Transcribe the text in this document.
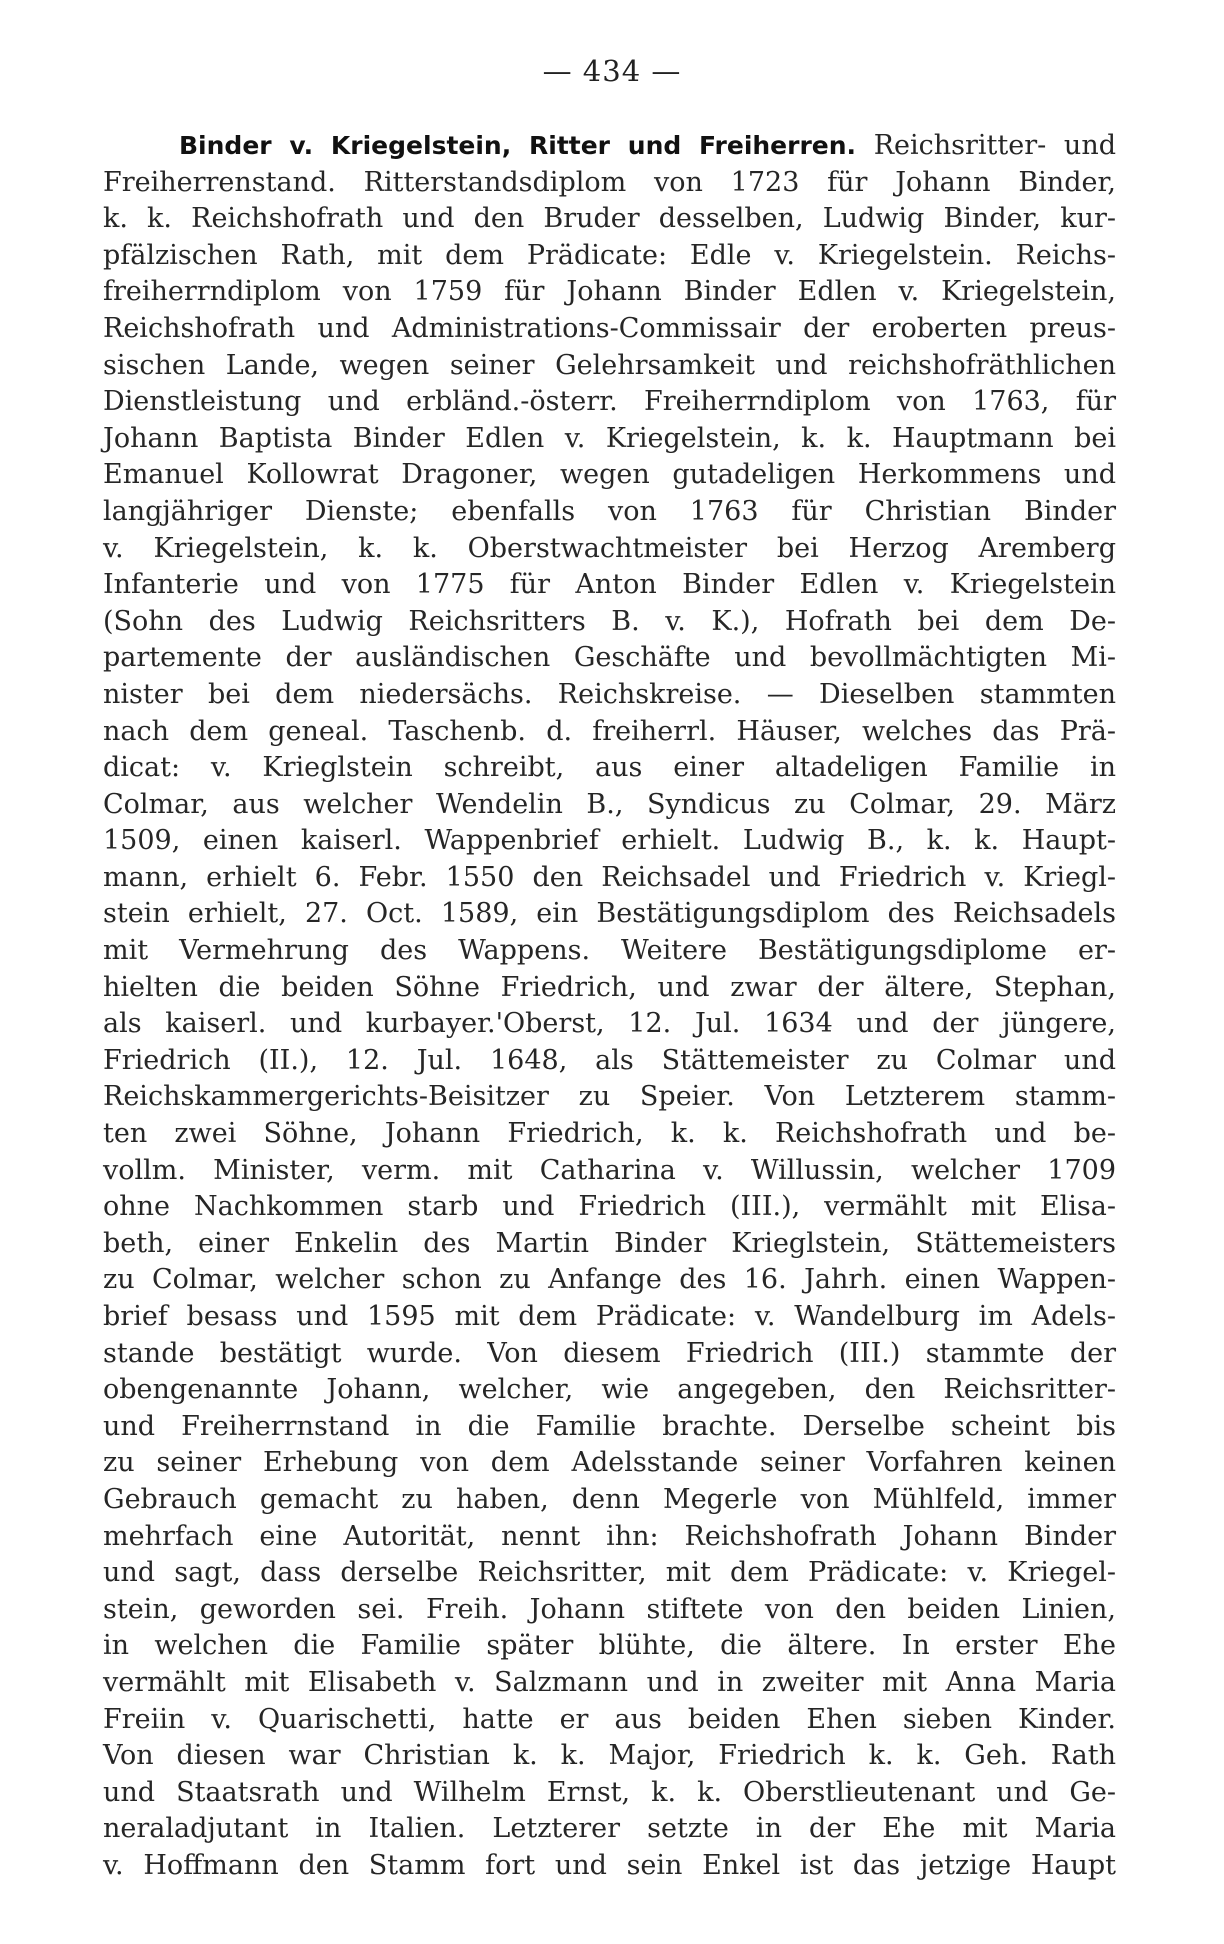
— 434 —
Binder v. Kriegelstein, Ritter und Freiherren. Reichsritter- und
Freiherrenstand. Ritterstandsdiplom von 1723 für Johann Binder,
k. k. Reichshofrath und den Bruder desselben, Ludwig Binder, kur-
pfälzischen Rath, mit dem Prädicate: Edle v. Kriegelstein. Reichs-
freiherrndiplom von 1759 für Johann Binder Edlen v. Kriegelstein,
Reichshofrath und Administrations-Commissair der eroberten preus-
sischen Lande, wegen seiner Gelehrsamkeit und reichshofräthlichen
Dienstleistung und erbländ.-österr. Freiherrndiplom von 1763, für
Johann Baptista Binder Edlen v. Kriegelstein, k. k. Hauptmann bei
Emanuel Kollowrat Dragoner, wegen gutadeligen Herkommens und
langjähriger Dienste; ebenfalls von 1763 für Christian Binder
v. Kriegelstein, k. k. Oberstwachtmeister bei Herzog Aremberg
Infanterie und von 1775 für Anton Binder Edlen v. Kriegelstein
(Sohn des Ludwig Reichsritters B. v. K.), Hofrath bei dem De-
partemente der ausländischen Geschäfte und bevollmächtigten Mi-
nister bei dem niedersächs. Reichskreise. — Dieselben stammten
nach dem geneal. Taschenb. d. freiherrl. Häuser, welches das Prä-
dicat: v. Krieglstein schreibt, aus einer altadeligen Familie in
Colmar, aus welcher Wendelin B., Syndicus zu Colmar, 29. März
1509, einen kaiserl. Wappenbrief erhielt. Ludwig B., k. k. Haupt-
mann, erhielt 6. Febr. 1550 den Reichsadel und Friedrich v. Kriegl-
stein erhielt, 27. Oct. 1589, ein Bestätigungsdiplom des Reichsadels
mit Vermehrung des Wappens. Weitere Bestätigungsdiplome er-
hielten die beiden Söhne Friedrich, und zwar der ältere, Stephan,
als kaiserl. und kurbayer.'Oberst, 12. Jul. 1634 und der jüngere,
Friedrich (II.), 12. Jul. 1648, als Stättemeister zu Colmar und
Reichskammergerichts-Beisitzer zu Speier. Von Letzterem stamm-
ten zwei Söhne, Johann Friedrich, k. k. Reichshofrath und be-
vollm. Minister, verm. mit Catharina v. Willussin, welcher 1709
ohne Nachkommen starb und Friedrich (III.), vermählt mit Elisa-
beth, einer Enkelin des Martin Binder Krieglstein, Stättemeisters
zu Colmar, welcher schon zu Anfange des 16. Jahrh. einen Wappen-
brief besass und 1595 mit dem Prädicate: v. Wandelburg im Adels-
stande bestätigt wurde. Von diesem Friedrich (III.) stammte der
obengenannte Johann, welcher, wie angegeben, den Reichsritter-
und Freiherrnstand in die Familie brachte. Derselbe scheint bis
zu seiner Erhebung von dem Adelsstande seiner Vorfahren keinen
Gebrauch gemacht zu haben, denn Megerle von Mühlfeld, immer
mehrfach eine Autorität, nennt ihn: Reichshofrath Johann Binder
und sagt, dass derselbe Reichsritter, mit dem Prädicate: v. Kriegel-
stein, geworden sei. Freih. Johann stiftete von den beiden Linien,
in welchen die Familie später blühte, die ältere. In erster Ehe
vermählt mit Elisabeth v. Salzmann und in zweiter mit Anna Maria
Freiin v. Quarischetti, hatte er aus beiden Ehen sieben Kinder.
Von diesen war Christian k. k. Major, Friedrich k. k. Geh. Rath
und Staatsrath und Wilhelm Ernst, k. k. Oberstlieutenant und Ge-
neraladjutant in Italien. Letzterer setzte in der Ehe mit Maria
v. Hoffmann den Stamm fort und sein Enkel ist das jetzige Haupt
